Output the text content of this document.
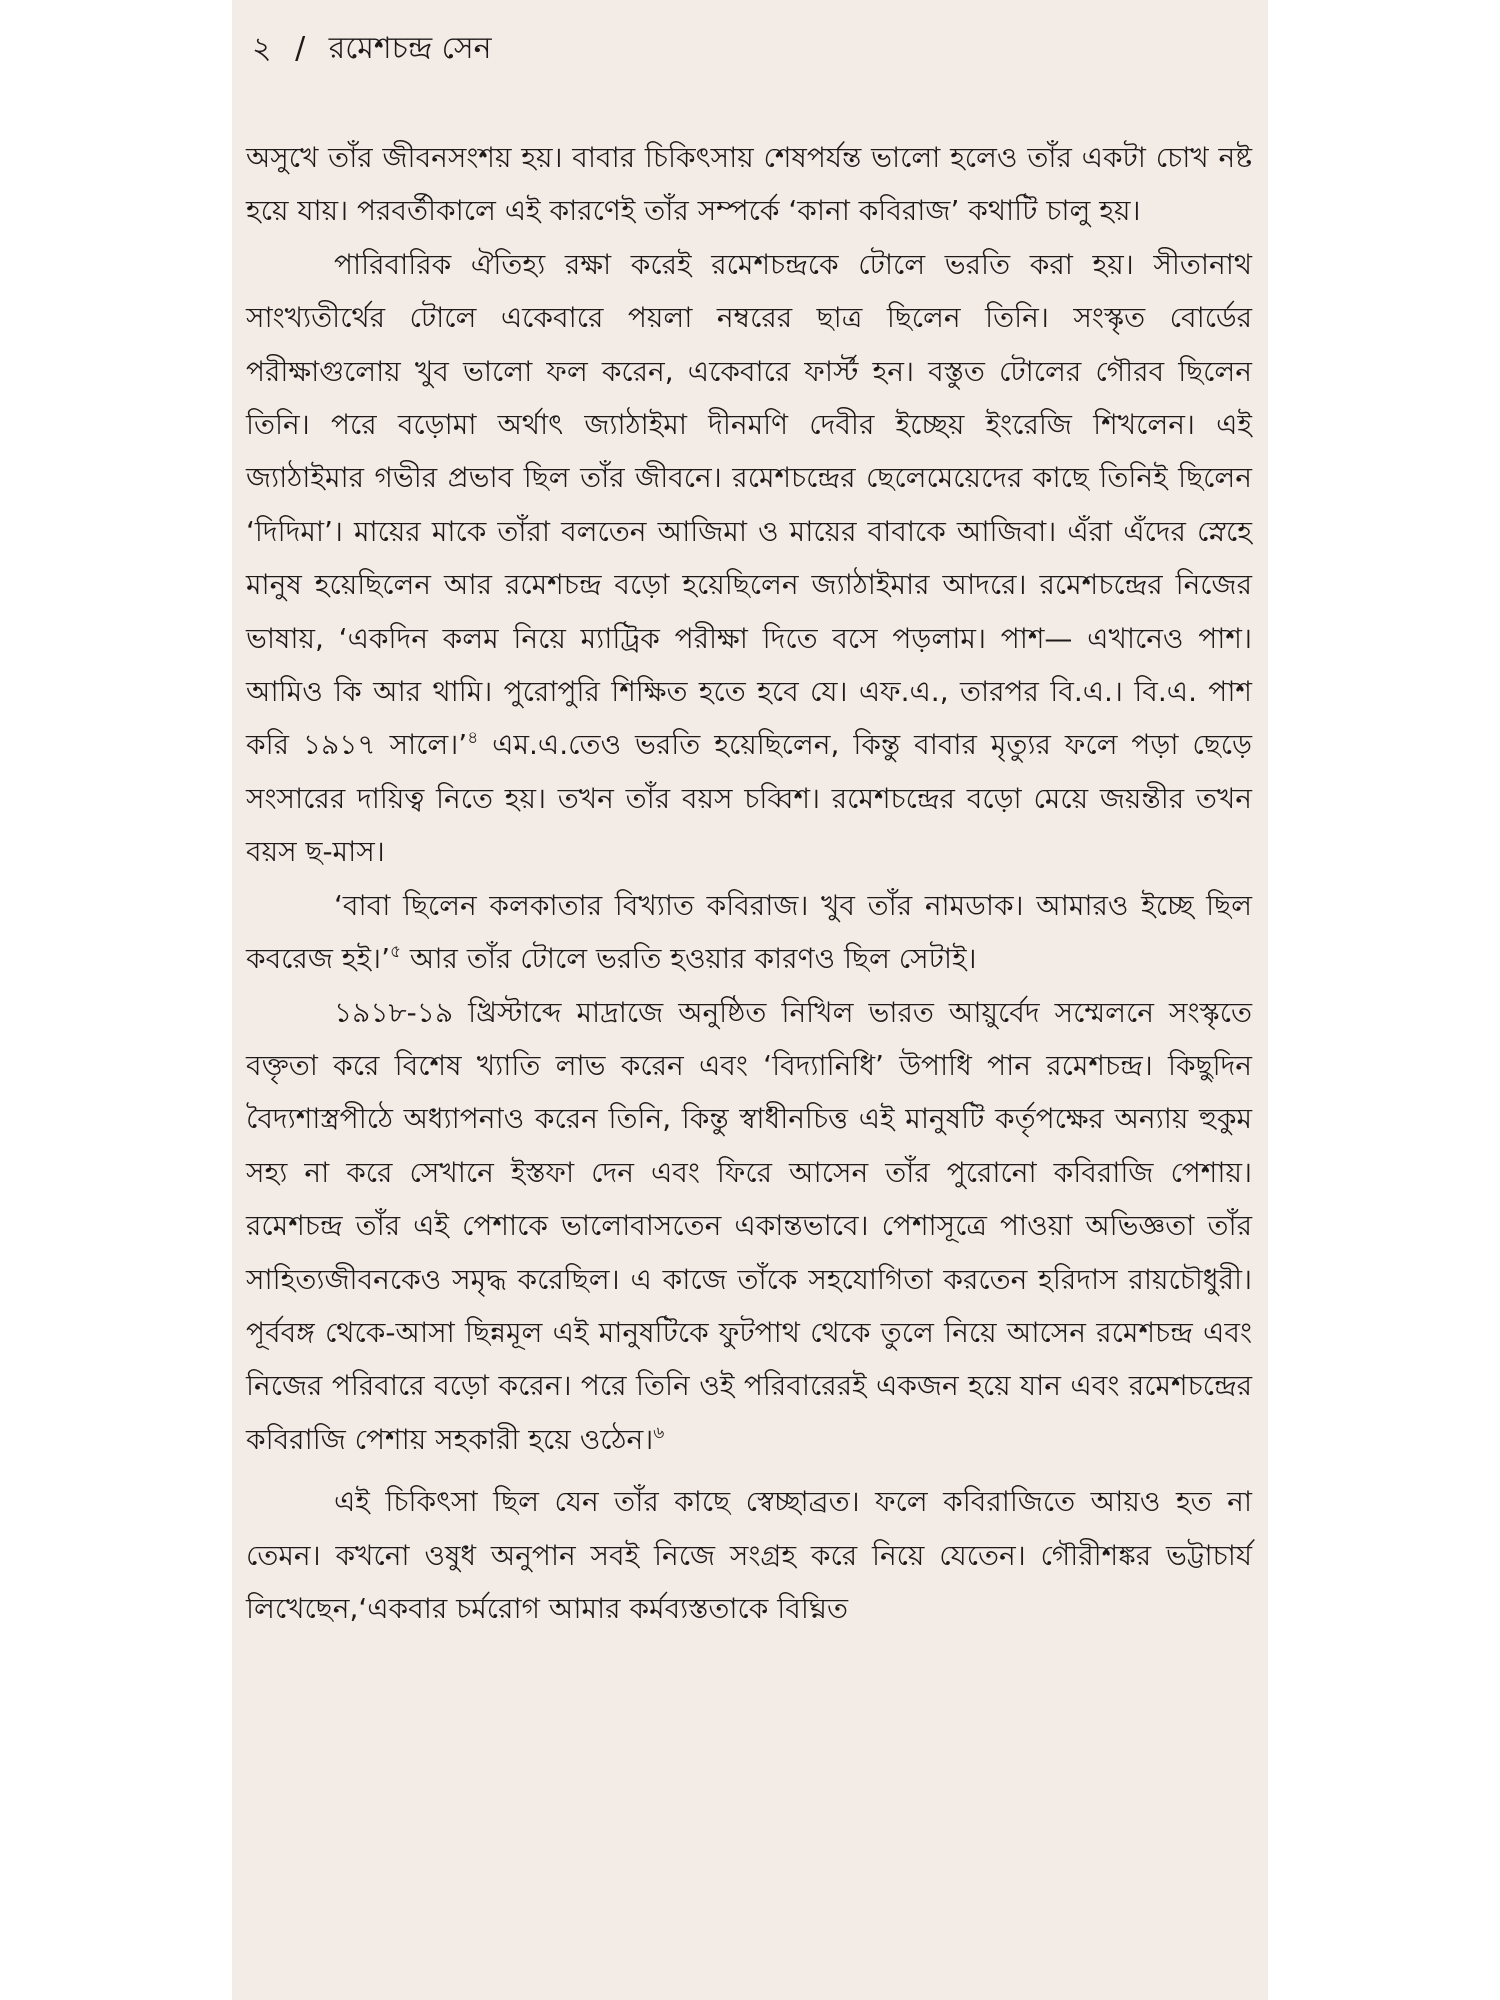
২ / রমেশচন্দ্র সেন

অসুখে তাঁর জীবনসংশয় হয়। বাবার চিকিৎসায় শেষপর্যন্ত ভালো হলেও তাঁর একটা চোখ নষ্ট হয়ে যায়। পরবর্তীকালে এই কারণেই তাঁর সম্পর্কে ‘কানা কবিরাজ’ কথাটি চালু হয়।

পারিবারিক ঐতিহ্য রক্ষা করেই রমেশচন্দ্রকে টোলে ভরতি করা হয়। সীতানাথ সাংখ্যতীর্থের টোলে একেবারে পয়লা নম্বরের ছাত্র ছিলেন তিনি। সংস্কৃত বোর্ডের পরীক্ষাগুলোয় খুব ভালো ফল করেন, একেবারে ফার্স্ট হন। বস্তুত টোলের গৌরব ছিলেন তিনি। পরে বড়োমা অর্থাৎ জ্যাঠাইমা দীনমণি দেবীর ইচ্ছেয় ইংরেজি শিখলেন। এই জ্যাঠাইমার গভীর প্রভাব ছিল তাঁর জীবনে। রমেশচন্দ্রের ছেলেমেয়েদের কাছে তিনিই ছিলেন ‘দিদিমা’। মায়ের মাকে তাঁরা বলতেন আজিমা ও মায়ের বাবাকে আজিবা। এঁরা এঁদের স্নেহে মানুষ হয়েছিলেন আর রমেশচন্দ্র বড়ো হয়েছিলেন জ্যাঠাইমার আদরে। রমেশচন্দ্রের নিজের ভাষায়, ‘একদিন কলম নিয়ে ম্যাট্রিক পরীক্ষা দিতে বসে পড়লাম। পাশ— এখানেও পাশ। আমিও কি আর থামি। পুরোপুরি শিক্ষিত হতে হবে যে। এফ.এ., তারপর বি.এ.। বি.এ. পাশ করি ১৯১৭ সালে।’$^৪$ এম.এ.তেও ভরতি হয়েছিলেন, কিন্তু বাবার মৃত্যুর ফলে পড়া ছেড়ে সংসারের দায়িত্ব নিতে হয়। তখন তাঁর বয়স চব্বিশ। রমেশচন্দ্রের বড়ো মেয়ে জয়ন্তীর তখন বয়স ছ-মাস।

‘বাবা ছিলেন কলকাতার বিখ্যাত কবিরাজ। খুব তাঁর নামডাক। আমারও ইচ্ছে ছিল কবরেজ হই।’$^৫$ আর তাঁর টোলে ভরতি হওয়ার কারণও ছিল সেটাই।

১৯১৮-১৯ খ্রিস্টাব্দে মাদ্রাজে অনুষ্ঠিত নিখিল ভারত আয়ুর্বেদ সম্মেলনে সংস্কৃতে বক্তৃতা করে বিশেষ খ্যাতি লাভ করেন এবং ‘বিদ্যানিধি’ উপাধি পান রমেশচন্দ্র। কিছুদিন বৈদ্যশাস্ত্রপীঠে অধ্যাপনাও করেন তিনি, কিন্তু স্বাধীনচিত্ত এই মানুষটি কর্তৃপক্ষের অন্যায় হুকুম সহ্য না করে সেখানে ইস্তফা দেন এবং ফিরে আসেন তাঁর পুরোনো কবিরাজি পেশায়। রমেশচন্দ্র তাঁর এই পেশাকে ভালোবাসতেন একান্তভাবে। পেশাসূত্রে পাওয়া অভিজ্ঞতা তাঁর সাহিত্যজীবনকেও সমৃদ্ধ করেছিল। এ কাজে তাঁকে সহযোগিতা করতেন হরিদাস রায়চৌধুরী। পূর্ববঙ্গ থেকে-আসা ছিন্নমূল এই মানুষটিকে ফুটপাথ থেকে তুলে নিয়ে আসেন রমেশচন্দ্র এবং নিজের পরিবারে বড়ো করেন। পরে তিনি ওই পরিবারেরই একজন হয়ে যান এবং রমেশচন্দ্রের কবিরাজি পেশায় সহকারী হয়ে ওঠেন।$^৬$

এই চিকিৎসা ছিল যেন তাঁর কাছে স্বেচ্ছাব্রত। ফলে কবিরাজিতে আয়ও হত না তেমন। কখনো ওষুধ অনুপান সবই নিজে সংগ্রহ করে নিয়ে যেতেন। গৌরীশঙ্কর ভট্টাচার্য লিখেছেন,‘একবার চর্মরোগ আমার কর্মব্যস্ততাকে বিঘ্নিত
